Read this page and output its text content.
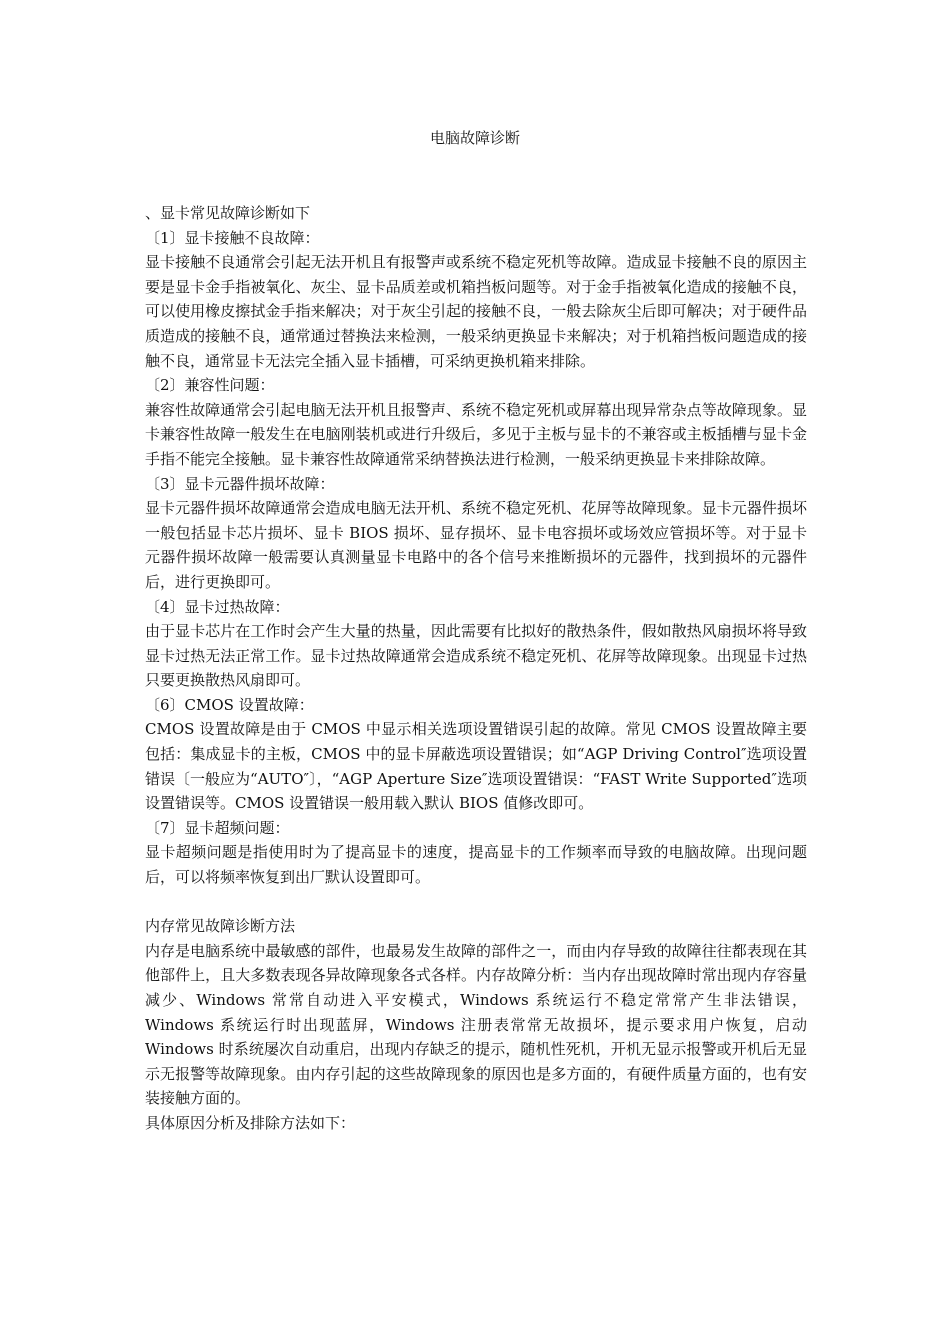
电脑故障诊断

、显卡常见故障诊断如下

〔1〕显卡接触不良故障：

显卡接触不良通常会引起无法开机且有报警声或系统不稳定死机等故障。造成显卡接触不良的原因主要是显卡金手指被氧化、灰尘、显卡品质差或机箱挡板问题等。对于金手指被氧化造成的接触不良，可以使用橡皮擦拭金手指来解决；对于灰尘引起的接触不良，一般去除灰尘后即可解决；对于硬件品质造成的接触不良，通常通过替换法来检测，一般采纳更换显卡来解决；对于机箱挡板问题造成的接触不良，通常显卡无法完全插入显卡插槽，可采纳更换机箱来排除。

〔2〕兼容性问题：

兼容性故障通常会引起电脑无法开机且报警声、系统不稳定死机或屏幕出现异常杂点等故障现象。显卡兼容性故障一般发生在电脑刚装机或进行升级后，多见于主板与显卡的不兼容或主板插槽与显卡金手指不能完全接触。显卡兼容性故障通常采纳替换法进行检测，一般采纳更换显卡来排除故障。

〔3〕显卡元器件损坏故障：

显卡元器件损坏故障通常会造成电脑无法开机、系统不稳定死机、花屏等故障现象。显卡元器件损坏一般包括显卡芯片损坏、显卡 BIOS 损坏、显存损坏、显卡电容损坏或场效应管损坏等。对于显卡元器件损坏故障一般需要认真测量显卡电路中的各个信号来推断损坏的元器件，找到损坏的元器件后，进行更换即可。

〔4〕显卡过热故障：

由于显卡芯片在工作时会产生大量的热量，因此需要有比拟好的散热条件，假如散热风扇损坏将导致显卡过热无法正常工作。显卡过热故障通常会造成系统不稳定死机、花屏等故障现象。出现显卡过热只要更换散热风扇即可。

〔6〕CMOS 设置故障：

CMOS 设置故障是由于 CMOS 中显示相关选项设置错误引起的故障。常见 CMOS 设置故障主要包括：集成显卡的主板，CMOS 中的显卡屏蔽选项设置错误；如“AGP Driving Control″选项设置错误〔一般应为“AUTO″〕，“AGP Aperture Size″选项设置错误：“FAST Write Supported″选项设置错误等。CMOS 设置错误一般用载入默认 BIOS 值修改即可。

〔7〕显卡超频问题：

显卡超频问题是指使用时为了提高显卡的速度，提高显卡的工作频率而导致的电脑故障。出现问题后，可以将频率恢复到出厂默认设置即可。

内存常见故障诊断方法

内存是电脑系统中最敏感的部件，也最易发生故障的部件之一，而由内存导致的故障往往都表现在其他部件上，且大多数表现各异故障现象各式各样。内存故障分析：当内存出现故障时常出现内存容量减少、Windows 常常自动进入平安模式，Windows 系统运行不稳定常常产生非法错误，Windows 系统运行时出现蓝屏，Windows 注册表常常无故损坏，提示要求用户恢复，启动 Windows 时系统屡次自动重启，出现内存缺乏的提示，随机性死机，开机无显示报警或开机后无显示无报警等故障现象。由内存引起的这些故障现象的原因也是多方面的，有硬件质量方面的，也有安装接触方面的。

具体原因分析及排除方法如下：
